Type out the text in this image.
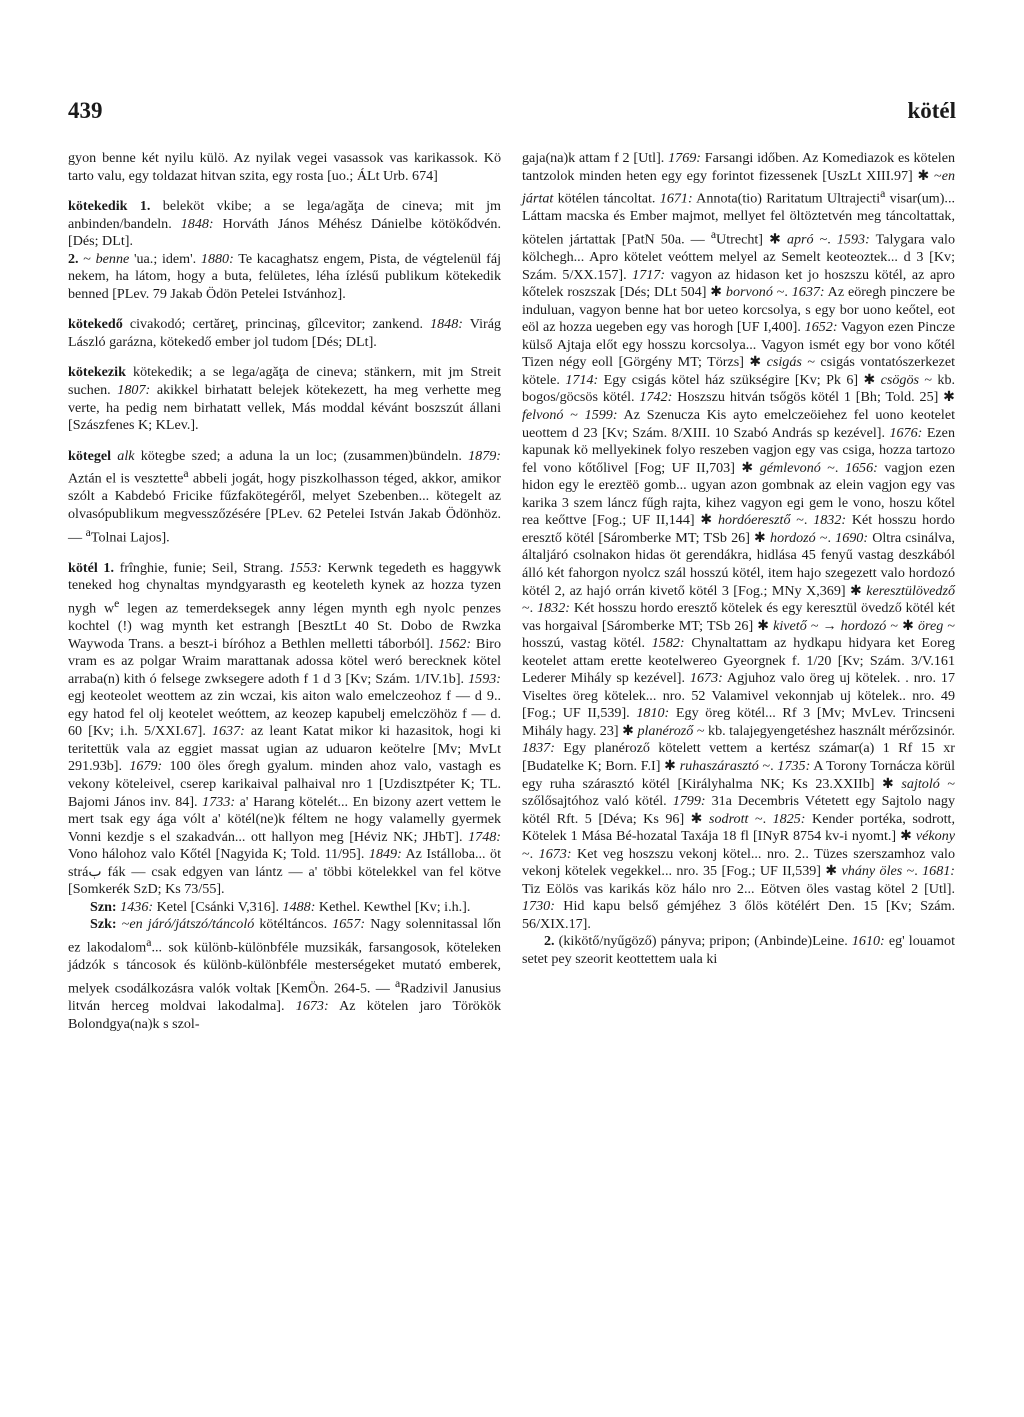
439	kötél

gyon benne két nyilu külö. Az nyilak vegei vasassok vas karikassok. Kö tarto valu, egy toldazat hitvan szita, egy rosta [uo.; ÁLt Urb. 674]

kötekedik 1. beleköt vkibe; a se lega/agăţa de cineva; mit jm anbinden/bandeln. 1848: Horváth János Méhész Dánielbe kötökődvén. [Dés; DLt].

2. ~ benne 'ua.; idem'. 1880: Te kacaghatsz engem, Pista, de végtelenül fáj nekem, ha látom, hogy a buta, felületes, léha ízlésű publikum kötekedik benned [PLev. 79 Jakab Ödön Petelei Istvánhoz].

kötekedő civakodó; certăreţ, princinaş, gîlcevitor; zankend. 1848: Virág László garázna, kötekedő ember jol tudom [Dés; DLt].

kötekezik kötekedik; a se lega/agăţa de cineva; stänkern, mit jm Streit suchen. 1807: akikkel birhatatt belejek kötekezett, ha meg verhette meg verte, ha pedig nem birhatatt vellek, Más moddal kévánt boszszút állani [Szászfenes K; KLev.].

kötegel alk kötegbe szed; a aduna la un loc; (zusammen)bündeln. 1879: Aztán el is vesztette$^a$ abbeli jogát, hogy piszkolhasson téged, akkor, amikor szólt a Kabdebó Fricike fűzfakötegéről, melyet Szebenben... kötegelt az olvasópublikum megvesszőzésére [PLev. 62 Petelei István Jakab Ödönhöz. — $^a$Tolnai Lajos].

kötél 1. frînghie, funie; Seil, Strang. 1553: Kerwnk tegedeth es haggywk teneked hog chynaltas myndgyarasth eg keoteleth kynek az hozza tyzen nygh $w^e$ legen az temerdeksegek anny légen mynth egh nyolc penzes kochtel (!) wag mynth ket estrangh [BesztLt 40 St. Dobo de Rwzka Waywoda Trans. a beszt-i bíróhoz a Bethlen melletti táborból]. 1562: Biro vram es az polgar Wraim marattanak adossa kötel weró berecknek kötel arraba(n) kith ó felsege zwksegere adoth f 1 d 3 [Kv; Szám. 1/IV.1b]. 1593: egj keoteolet weottem az zin wczai, kis aiton walo emelczeohoz f — d 9.. egy hatod fel olj keotelet weóttem, az keozep kapubelj emelczöhöz f — d. 60 [Kv; i.h. 5/XXI.67]. 1637: az leant Katat mikor ki hazasitok, hogi ki teritettük vala az eggiet massat ugian az uduaron keötelre [Mv; MvLt 291.93b]. 1679: 100 öles őregh gyalum. minden ahoz valo, vastagh es vekony köteleivel, cserep karikaival palhaival nro 1 [Uzdisztpéter K; TL. Bajomi János inv. 84]. 1733: a' Harang kötelét... En bizony azert vettem le mert tsak egy ága vólt a' kötél(ne)k féltem ne hogy valamelly gyermek Vonni kezdje s el szakadván... ott hallyon meg [Héviz NK; JHbT]. 1748: Vono hálohoz valo Kőtél [Nagyida K; Told. 11/95]. 1849: Az Istálloba... öt stráب fák — csak edgyen van lántz — a' többi kötelekkel van fel kötve [Somkerék SzD; Ks 73/55].

Szn: 1436: Ketel [Csánki V,316]. 1488: Kethel. Kewthel [Kv; i.h.].

Szk: ~en járó/játszó/táncoló kötéltáncos. 1657: Nagy solennitassal lőn ez lakodalom$^a$... sok különb-különbféle muzsikák, farsangosok, köteleken jádzók s táncosok és különb-különbféle mesterségeket mutató emberek, melyek csodálkozásra valók voltak [KemÖn. 264-5. — $^a$Radzivil Janusius litván herceg moldvai lakodalma]. 1673: Az kötelen jaro Törökök Bolondgya(na)k s szol-

gaja(na)k attam f 2 [Utl]. 1769: Farsangi időben. Az Komediazok es kötelen tantzolok minden heten egy egy forintot fizessenek [UszLt XIII.97] ✱ ~en jártat kötélen táncoltat. 1671: Annota(tio) Raritatum Ultrajecti$^a$ visar(um)... Láttam macska és Ember majmot, mellyet fel öltöztetvén meg táncoltattak, kötelen jártattak [PatN 50a. — $^a$Utrecht] ✱ apró ~. 1593: Talygara valo kölchegh... Apro kötelet veóttem melyel az Semelt keoteoztek... d 3 [Kv; Szám. 5/XX.157]. 1717: vagyon az hidason ket jo hoszszu kötél, az apro kőtelek roszszak [Dés; DLt 504] ✱ borvonó ~. 1637: Az eöregh pinczere be induluan, vagyon benne hat bor ueteo korcsolya, s egy bor uono keőtel, eot eöl az hozza uegeben egy vas horogh [UF I,400]. 1652: Vagyon ezen Pincze külső Ajtaja előt egy hosszu korcsolya... Vagyon ismét egy bor vono kőtél Tizen négy eoll [Görgény MT; Törzs] ✱ csigás ~ csigás vontatószerkezet kötele. 1714: Egy csigás kötel ház szükségire [Kv; Pk 6] ✱ csögös ~ kb. bogos/göcsös kötél. 1742: Hoszszu hitván tsőgös kötél 1 [Bh; Told. 25] ✱ felvonó ~ 1599: Az Szenucza Kis ayto emelczeöiehez fel uono keotelet ueottem d 23 [Kv; Szám. 8/XIII. 10 Szabó András sp kezével]. 1676: Ezen kapunak kö mellyekinek folyo reszeben vagjon egy vas csiga, hozza tartozo fel vono kőtőlivel [Fog; UF II,703] ✱ gémlevonó ~. 1656: vagjon ezen hidon egy le ereztëö gomb... ugyan azon gombnak az elein vagjon egy vas karika 3 szem láncz fűgh rajta, kihez vagyon egi gem le vono, hoszu kőtel rea keőttve [Fog.; UF II,144] ✱ hordóeresztő ~. 1832: Két hosszu hordo eresztő kötél [Sáromberke MT; TSb 26] ✱ hordozó ~. 1690: Oltra csinálva, általjáró csolnakon hidas öt gerendákra, hidlása 45 fenyű vastag deszkából álló két fahorgon nyolcz szál hosszú kötél, item hajo szegezett valo hordozó kötél 2, az hajó orrán kivető kötél 3 [Fog.; MNy X,369] ✱ keresztülövedző ~. 1832: Két hosszu hordo eresztő kötelek és egy keresztül övedző kötél két vas horgaival [Sáromberke MT; TSb 26] ✱ kivető ~ → hordozó ~ ✱ öreg ~ hosszú, vastag kötél. 1582: Chynaltattam az hydkapu hidyara ket Eoreg keotelet attam erette keotelwereo Gyeorgnek f. 1/20 [Kv; Szám. 3/V.161 Lederer Mihály sp kezével]. 1673: Agjuhoz valo öreg uj kötelek. . nro. 17 Viseltes öreg kötelek... nro. 52 Valamivel vekonnjab uj kötelek.. nro. 49 [Fog.; UF II,539]. 1810: Egy öreg kötél... Rf 3 [Mv; MvLev. Trincseni Mihály hagy. 23] ✱ planéroző ~ kb. talajegyengetéshez használt mérőzsinór. 1837: Egy planéroző kötelett vettem a kertész számar(a) 1 Rf 15 xr [Budatelke K; Born. F.I] ✱ ruhaszárasztó ~. 1735: A Torony Tornácza körül egy ruha szárasztó kötél [Királyhalma NK; Ks 23.XXIIb] ✱ sajtoló ~ szőlősajtóhoz való kötél. 1799: 31a Decembris Vétetett egy Sajtolo nagy kötél Rft. 5 [Déva; Ks 96] ✱ sodrott ~. 1825: Kender portéka, sodrott, Kötelek 1 Mása Bé-hozatal Taxája 18 fl [INyR 8754 kv-i nyomt.] ✱ vékony ~. 1673: Ket veg hoszszu vekonj kötel... nro. 2.. Tüzes szerszamhoz valo vekonj kötelek vegekkel... nro. 35 [Fog.; UF II,539] ✱ vhány öles ~. 1681: Tiz Eölös vas karikás köz hálo nro 2... Eötven öles vastag kötel 2 [Utl]. 1730: Hid kapu belső gémjéhez 3 őlös kötélért Den. 15 [Kv; Szám. 56/XIX.17].

2. (kikötő/nyűgöző) pányva; pripon; (Anbinde)Leine. 1610: eg' louamot setet pey szeorit keottettem uala ki
